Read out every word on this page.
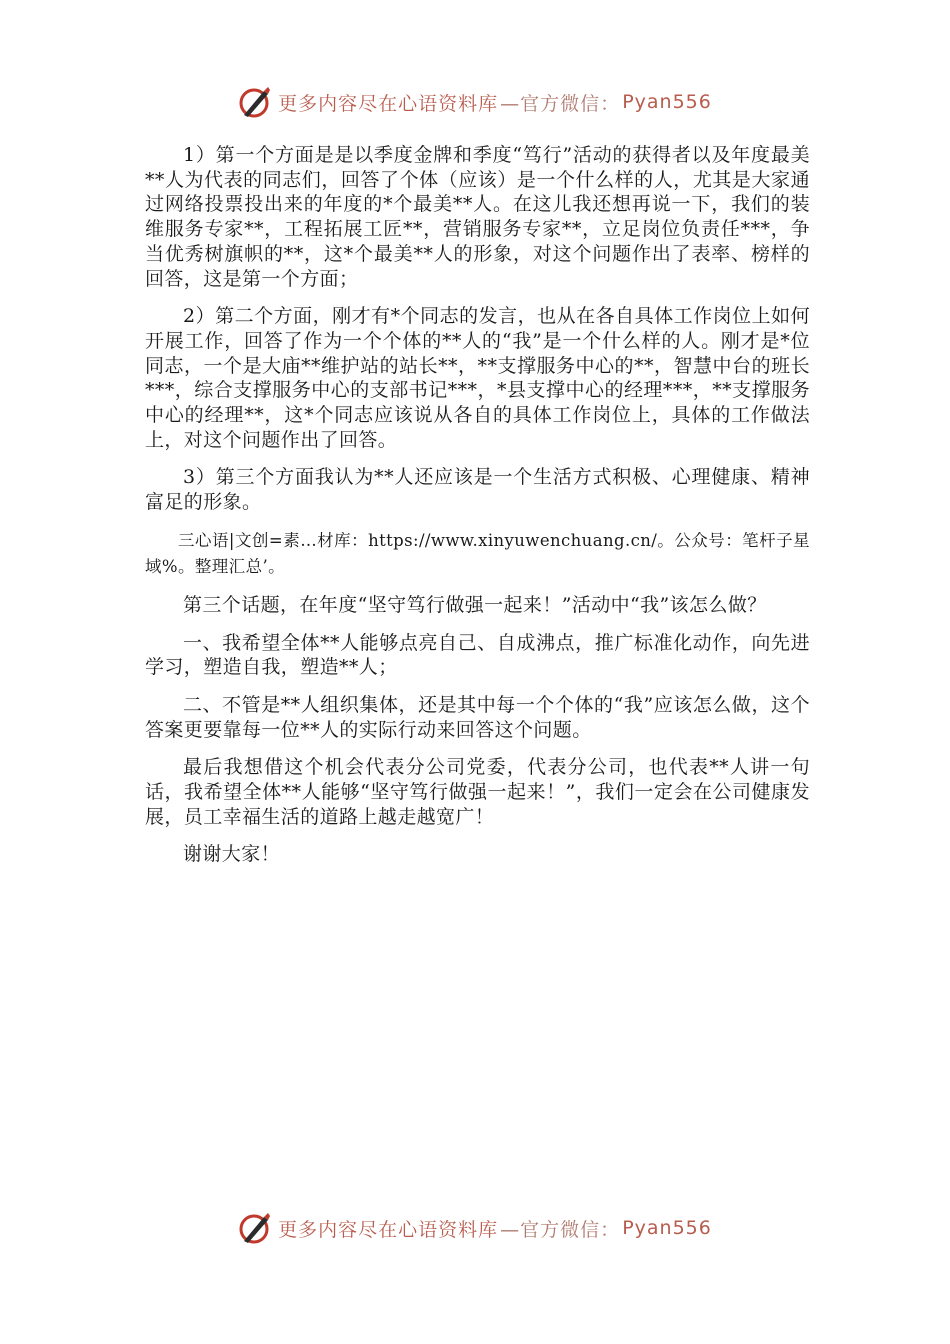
更多内容尽在心语资料库 —官方微信： Pyan556

1）第一个方面是是以季度金牌和季度“笃行”活动的获得者以及年度最美**人为代表的同志们，回答了个体（应该）是一个什么样的人，尤其是大家通过网络投票投出来的年度的*个最美**人。在这儿我还想再说一下，我们的装维服务专家**，工程拓展工匠**，营销服务专家**，立足岗位负责任***，争当优秀树旗帜的**，这*个最美**人的形象，对这个问题作出了表率、榜样的回答，这是第一个方面；

2）第二个方面，刚才有*个同志的发言，也从在各自具体工作岗位上如何开展工作，回答了作为一个个体的**人的“我”是一个什么样的人。刚才是*位同志，一个是大庙**维护站的站长**，**支撑服务中心的**，智慧中台的班长***，综合支撑服务中心的支部书记***，*县支撑中心的经理***，**支撑服务中心的经理**，这*个同志应该说从各自的具体工作岗位上，具体的工作做法上，对这个问题作出了回答。

3）第三个方面我认为**人还应该是一个生活方式积极、心理健康、精神富足的形象。

三心语|文创=素…材库：https://www.xinyuwenchuang.cn/。公众号：笔杆子星域%。整理汇总’。

第三个话题，在年度“坚守笃行做强一起来！”活动中“我”该怎么做？

一、我希望全体**人能够点亮自己、自成沸点，推广标准化动作，向先进学习，塑造自我，塑造**人；

二、不管是**人组织集体，还是其中每一个个体的“我”应该怎么做，这个答案更要靠每一位**人的实际行动来回答这个问题。

最后我想借这个机会代表分公司党委，代表分公司，也代表**人讲一句话，我希望全体**人能够“坚守笃行做强一起来！”，我们一定会在公司健康发展，员工幸福生活的道路上越走越宽广！

谢谢大家！

更多内容尽在心语资料库 —官方微信： Pyan556
